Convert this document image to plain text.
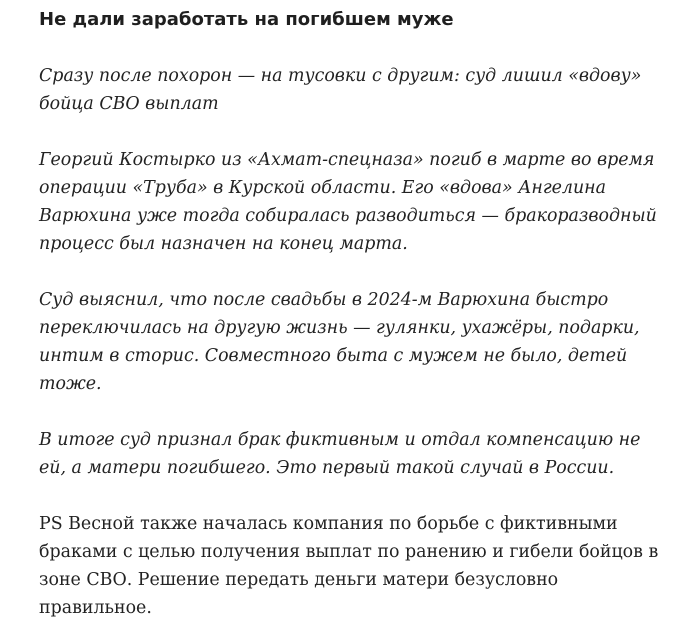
Не дали заработать на погибшем муже

Сразу после похорон — на тусовки с другим: суд лишил «вдову»
бойца СВО выплат

Георгий Костырко из «Ахмат-спецназа» погиб в марте во время
операции «Труба» в Курской области. Его «вдова» Ангелина
Варюхина уже тогда собиралась разводиться — бракоразводный
процесс был назначен на конец марта.

Суд выяснил, что после свадьбы в 2024-м Варюхина быстро
переключилась на другую жизнь — гулянки, ухажёры, подарки,
интим в сторис. Совместного быта с мужем не было, детей
тоже.

В итоге суд признал брак фиктивным и отдал компенсацию не
ей, а матери погибшего. Это первый такой случай в России.

PS Весной также началась компания по борьбе с фиктивными
браками с целью получения выплат по ранению и гибели бойцов в
зоне СВО. Решение передать деньги матери безусловно
правильное.
